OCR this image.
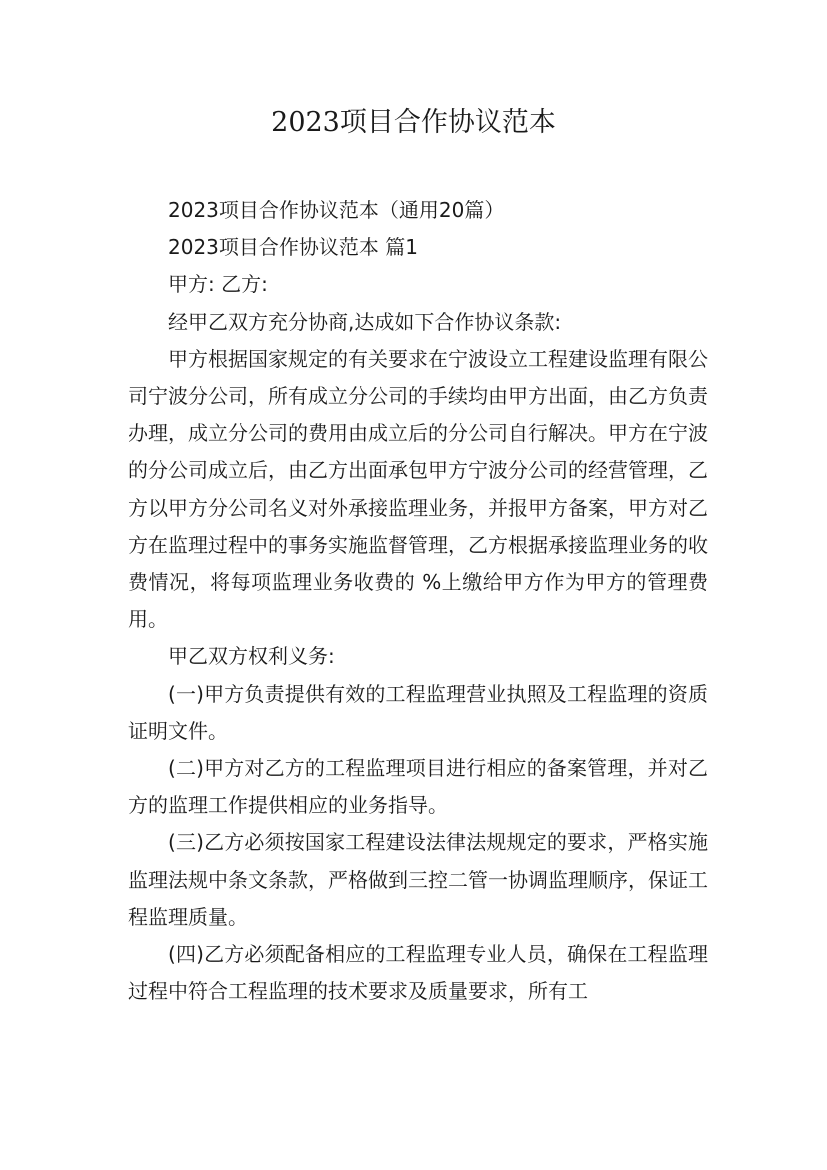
2023项目合作协议范本

2023项目合作协议范本（通用20篇）

2023项目合作协议范本 篇1

甲方: 乙方:

经甲乙双方充分协商,达成如下合作协议条款:

甲方根据国家规定的有关要求在宁波设立工程建设监理有限公司宁波分公司，所有成立分公司的手续均由甲方出面，由乙方负责办理，成立分公司的费用由成立后的分公司自行解决。甲方在宁波的分公司成立后，由乙方出面承包甲方宁波分公司的经营管理，乙方以甲方分公司名义对外承接监理业务，并报甲方备案，甲方对乙方在监理过程中的事务实施监督管理，乙方根据承接监理业务的收费情况，将每项监理业务收费的 %上缴给甲方作为甲方的管理费用。

甲乙双方权利义务:

(一)甲方负责提供有效的工程监理营业执照及工程监理的资质证明文件。

(二)甲方对乙方的工程监理项目进行相应的备案管理，并对乙方的监理工作提供相应的业务指导。

(三)乙方必须按国家工程建设法律法规规定的要求，严格实施监理法规中条文条款，严格做到三控二管一协调监理顺序，保证工程监理质量。

(四)乙方必须配备相应的工程监理专业人员，确保在工程监理过程中符合工程监理的技术要求及质量要求，所有工
